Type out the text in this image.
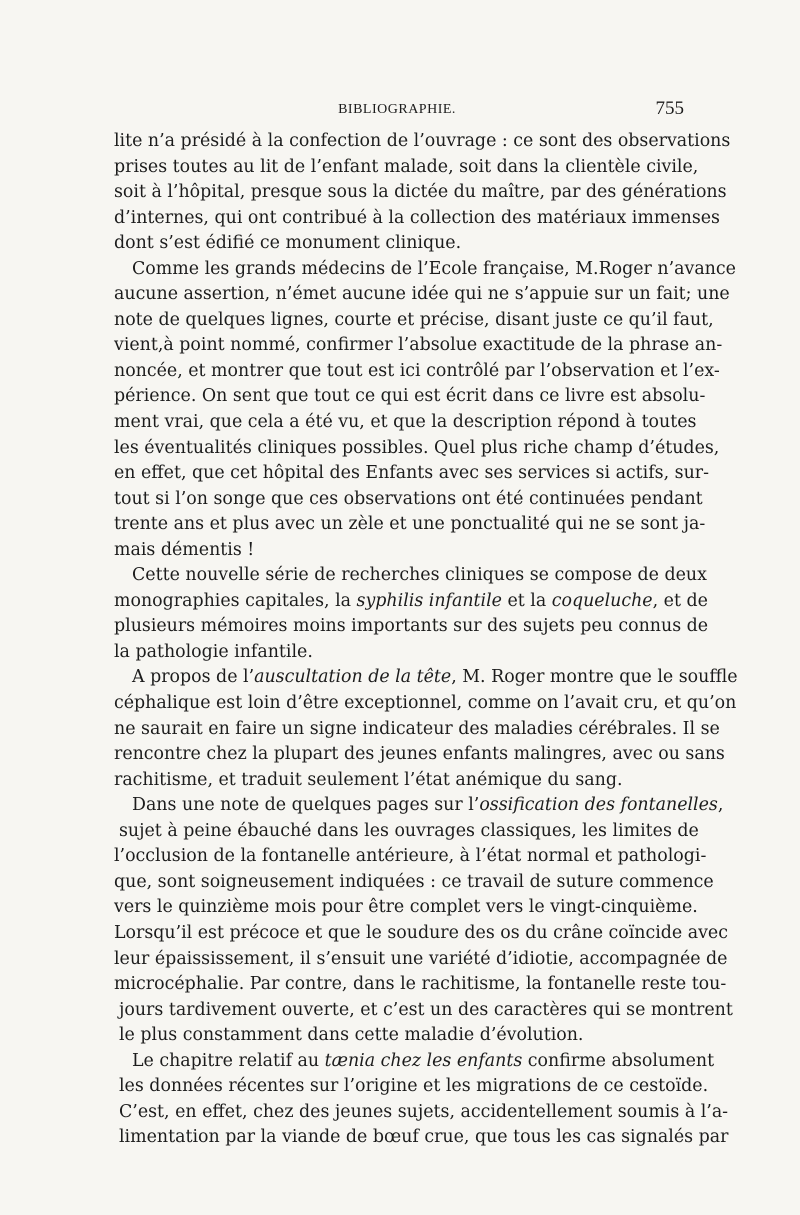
BIBLIOGRAPHIE.	755
lite n’a présidé à la confection de l’ouvrage : ce sont des observations
prises toutes au lit de l’enfant malade, soit dans la clientèle civile,
soit à l’hôpital, presque sous la dictée du maître, par des générations
d’internes, qui ont contribué à la collection des matériaux immenses
dont s’est édifié ce monument clinique.
Comme les grands médecins de l’Ecole française, M.Roger n’avance
aucune assertion, n’émet aucune idée qui ne s’appuie sur un fait; une
note de quelques lignes, courte et précise, disant juste ce qu’il faut,
vient,à point nommé, confirmer l’absolue exactitude de la phrase an-
noncée, et montrer que tout est ici contrôlé par l’observation et l’ex-
périence. On sent que tout ce qui est écrit dans ce livre est absolu-
ment vrai, que cela a été vu, et que la description répond à toutes
les éventualités cliniques possibles. Quel plus riche champ d’études,
en effet, que cet hôpital des Enfants avec ses services si actifs, sur-
tout si l’on songe que ces observations ont été continuées pendant
trente ans et plus avec un zèle et une ponctualité qui ne se sont ja-
mais démentis !
Cette nouvelle série de recherches cliniques se compose de deux
monographies capitales, la syphilis infantile et la coqueluche, et de
plusieurs mémoires moins importants sur des sujets peu connus de
la pathologie infantile.
A propos de l’auscultation de la tête, M. Roger montre que le souffle
céphalique est loin d’être exceptionnel, comme on l’avait cru, et qu’on
ne saurait en faire un signe indicateur des maladies cérébrales. Il se
rencontre chez la plupart des jeunes enfants malingres, avec ou sans
rachitisme, et traduit seulement l’état anémique du sang.
Dans une note de quelques pages sur l’ossification des fontanelles,
sujet à peine ébauché dans les ouvrages classiques, les limites de
l’occlusion de la fontanelle antérieure, à l’état normal et pathologi-
que, sont soigneusement indiquées : ce travail de suture commence
vers le quinzième mois pour être complet vers le vingt-cinquième.
Lorsqu’il est précoce et que le soudure des os du crâne coïncide avec
leur épaississement, il s’ensuit une variété d’idiotie, accompagnée de
microcéphalie. Par contre, dans le rachitisme, la fontanelle reste tou-
jours tardivement ouverte, et c’est un des caractères qui se montrent
le plus constamment dans cette maladie d’évolution.
Le chapitre relatif au tænia chez les enfants confirme absolument
les données récentes sur l’origine et les migrations de ce cestoïde.
C’est, en effet, chez des jeunes sujets, accidentellement soumis à l’a-
limentation par la viande de bœuf crue, que tous les cas signalés par
